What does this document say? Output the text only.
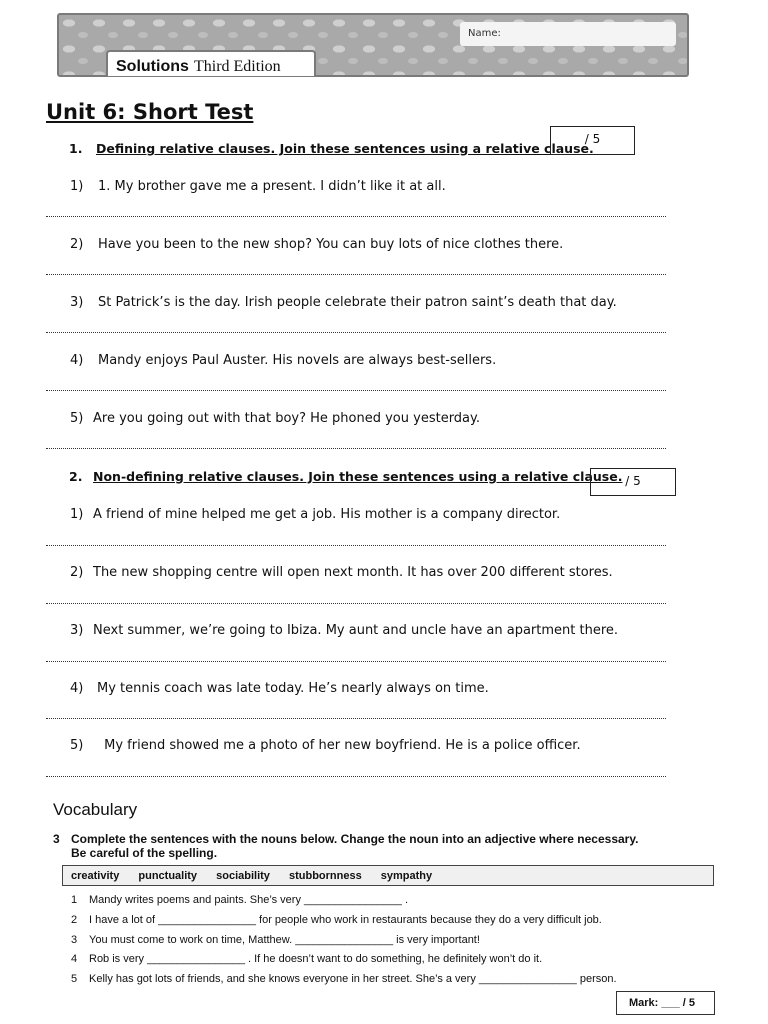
Name:
Solutions Third Edition
Unit 6: Short Test
1. Defining relative clauses. Join these sentences using a relative clause.
/ 5
1) 1. My brother gave me a present. I didn’t like it at all.
2) Have you been to the new shop? You can buy lots of nice clothes there.
3) St Patrick’s is the day. Irish people celebrate their patron saint’s death that day.
4) Mandy enjoys Paul Auster. His novels are always best-sellers.
5) Are you going out with that boy? He phoned you yesterday.
2. Non-defining relative clauses. Join these sentences using a relative clause. / 5
1) A friend of mine helped me get a job. His mother is a company director.
2) The new shopping centre will open next month. It has over 200 different stores.
3) Next summer, we’re going to Ibiza. My aunt and uncle have an apartment there.
4) My tennis coach was late today. He’s nearly always on time.
5) My friend showed me a photo of her new boyfriend. He is a police officer.
Vocabulary
3 Complete the sentences with the nouns below. Change the noun into an adjective where necessary.
Be careful of the spelling.
creativity punctuality sociability stubbornness sympathy
1 Mandy writes poems and paints. She’s very ________________ .
2 I have a lot of ________________ for people who work in restaurants because they do a very difficult job.
3 You must come to work on time, Matthew. ________________ is very important!
4 Rob is very ________________ . If he doesn’t want to do something, he definitely won’t do it.
5 Kelly has got lots of friends, and she knows everyone in her street. She’s a very ________________ person.
Mark: ___ / 5
